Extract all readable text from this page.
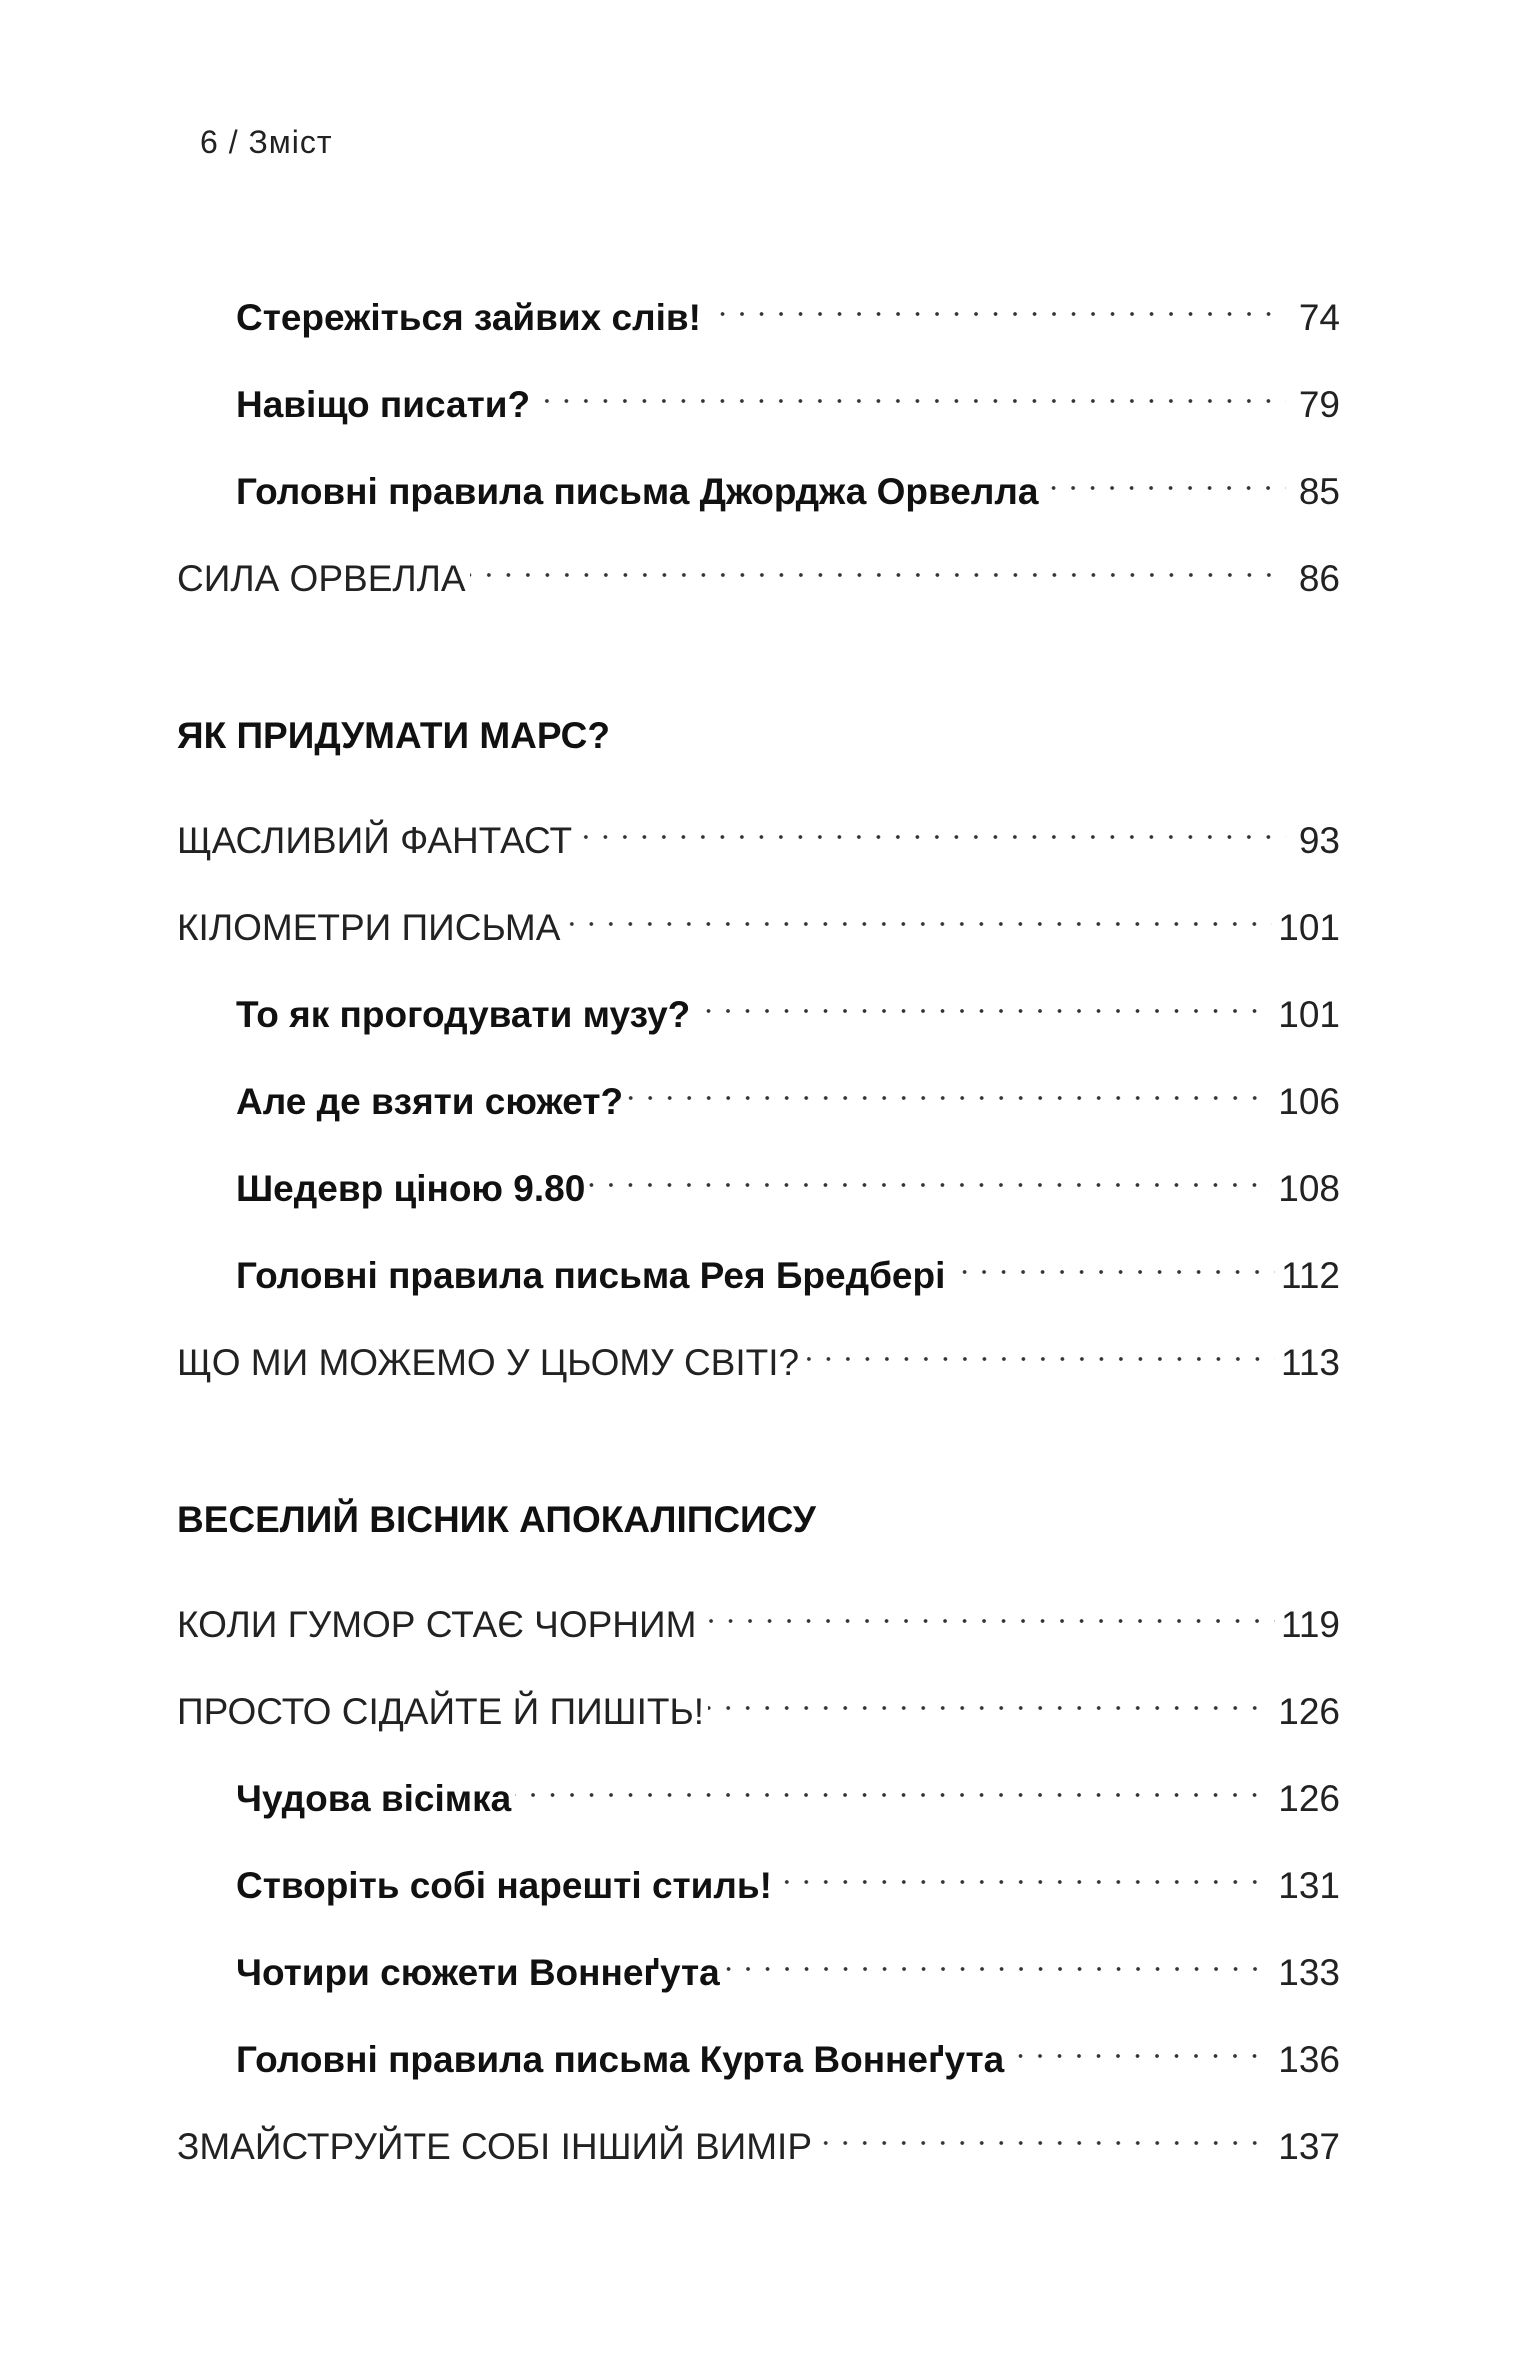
6 / Зміст
Стережіться зайвих слів!	74
Навіщо писати?	79
Головні правила письма Джорджа Орвелла	85
СИЛА ОРВЕЛЛА	86
ЯК ПРИДУМАТИ МАРС?
ЩАСЛИВИЙ ФАНТАСТ	93
КІЛОМЕТРИ ПИСЬМА	101
То як прогодувати музу?	101
Але де взяти сюжет?	106
Шедевр ціною 9.80	108
Головні правила письма Рея Бредбері	112
ЩО МИ МОЖЕМО У ЦЬОМУ СВІТІ?	113
ВЕСЕЛИЙ ВІСНИК АПОКАЛІПСИСУ
КОЛИ ГУМОР СТАЄ ЧОРНИМ	119
ПРОСТО СІДАЙТЕ Й ПИШІТЬ!	126
Чудова вісімка	126
Створіть собі нарешті стиль!	131
Чотири сюжети Воннеґута	133
Головні правила письма Курта Воннеґута	136
ЗМАЙСТРУЙТЕ СОБІ ІНШИЙ ВИМІР	137
